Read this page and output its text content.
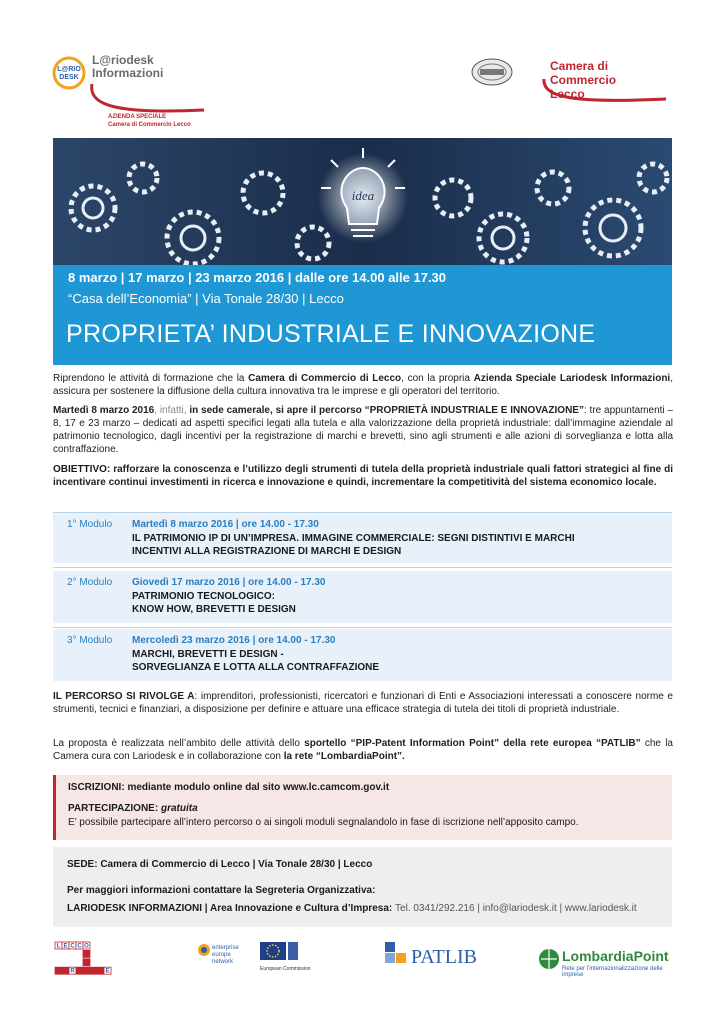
L@RIO
DESK
L@riodesk
Informazioni
AZIENDA SPECIALE
Camera di Commercio Lecco
Camera di Commercio
Lecco
idea
8 marzo | 17 marzo | 23 marzo 2016 | dalle ore 14.00 alle 17.30
“Casa dell’Economia” | Via Tonale 28/30 | Lecco
PROPRIETA’ INDUSTRIALE E INNOVAZIONE
Riprendono le attività di formazione che la Camera di Commercio di Lecco, con la propria Azienda Speciale Lariodesk Informazioni, assicura per sostenere la diffusione della cultura innovativa tra le imprese e gli operatori del territorio.
Martedì 8 marzo 2016, infatti, in sede camerale, si apre il percorso “PROPRIETÀ INDUSTRIALE E INNOVAZIONE”: tre appuntamenti – 8, 17 e 23 marzo – dedicati ad aspetti specifici legati alla tutela e alla valorizzazione della proprietà industriale: dall’immagine aziendale al patrimonio tecnologico, dagli incentivi per la registrazione di marchi e brevetti, sino agli strumenti e alle azioni di sorveglianza e lotta alla contraffazione.
OBIETTIVO: rafforzare la conoscenza e l’utilizzo degli strumenti di tutela della proprietà industriale quali fattori strategici al fine di incentivare continui investimenti in ricerca e innovazione e quindi, incrementare la competitività del sistema economico locale.
1° Modulo Martedì 8 marzo 2016 | ore 14.00 - 17.30
IL PATRIMONIO IP DI UN’IMPRESA. IMMAGINE COMMERCIALE: SEGNI DISTINTIVI E MARCHI
INCENTIVI ALLA REGISTRAZIONE DI MARCHI E DESIGN
2° Modulo Giovedì 17 marzo 2016 | ore 14.00 - 17.30
PATRIMONIO TECNOLOGICO:
KNOW HOW, BREVETTI E DESIGN
3° Modulo Mercoledì 23 marzo 2016 | ore 14.00 - 17.30
MARCHI, BREVETTI E DESIGN -
SORVEGLIANZA E LOTTA ALLA CONTRAFFAZIONE
IL PERCORSO SI RIVOLGE A: imprenditori, professionisti, ricercatori e funzionari di Enti e Associazioni interessati a conoscere norme e strumenti, tecnici e finanziari, a disposizione per definire e attuare una efficace strategia di tutela dei titoli di proprietà industriale.
La proposta è realizzata nell’ambito delle attività dello sportello “PIP-Patent Information Point” della rete europea “PATLIB” che la Camera cura con Lariodesk e in collaborazione con la rete “LombardiaPoint”.
ISCRIZIONI: mediante modulo online dal sito www.lc.camcom.gov.it
PARTECIPAZIONE: gratuita
E’ possibile partecipare all’intero percorso o ai singoli moduli segnalandolo in fase di iscrizione nell’apposito campo.
SEDE: Camera di Commercio di Lecco | Via Tonale 28/30 | Lecco
Per maggiori informazioni contattare la Segreteria Organizzativa:
LARIODESK INFORMAZIONI | Area Innovazione e Cultura d’Impresa: Tel. 0341/292.216 | info@lariodesk.it | www.lariodesk.it
L E C C O
R	E
enterprise
europe
network
European Commission
PATLIB	LombardiaPoint
Rete per l’internazionalizzazione delle imprese
